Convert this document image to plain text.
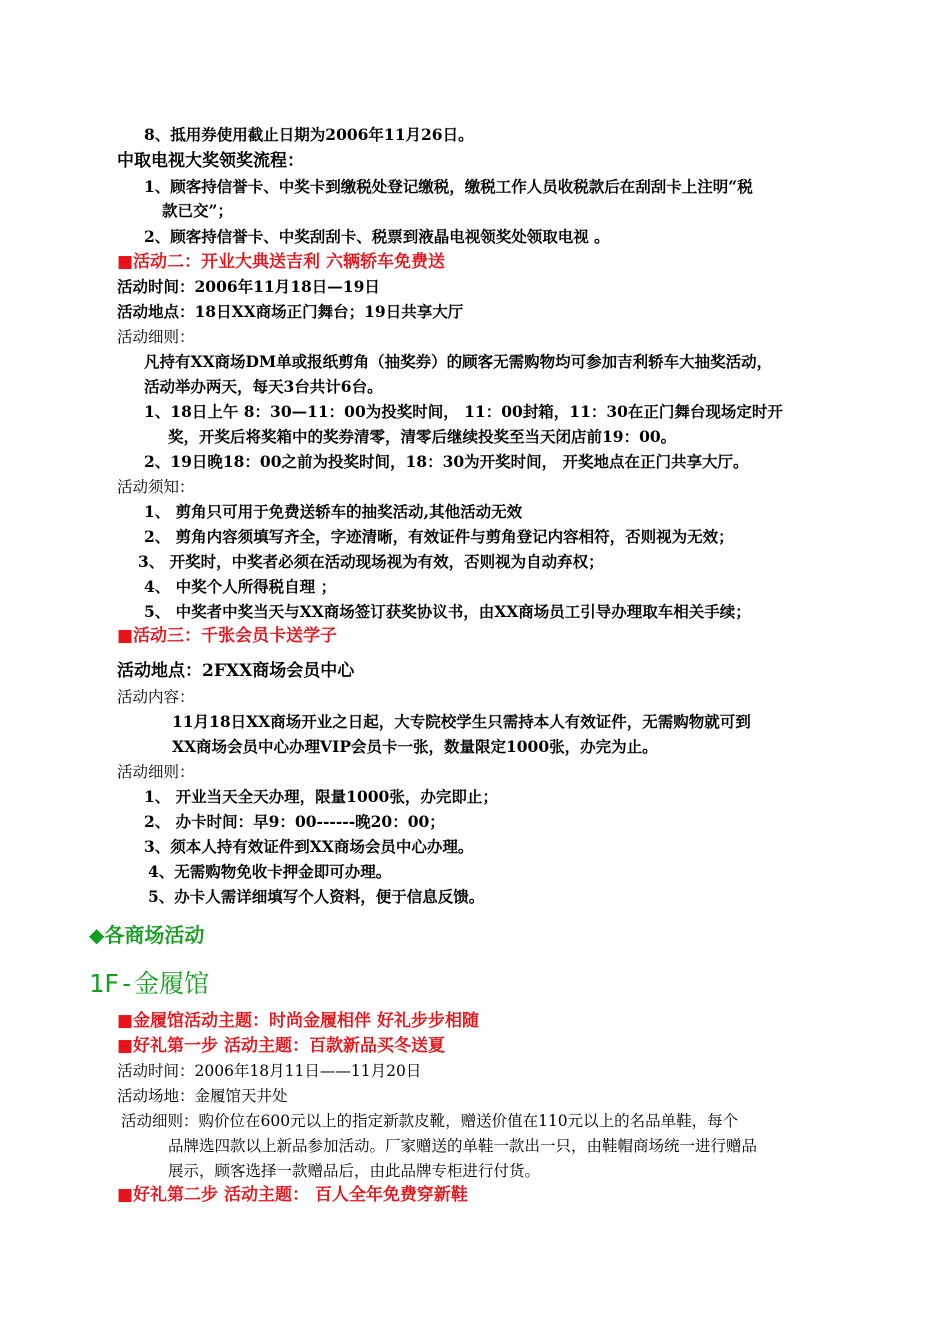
8、抵用券使用截止日期为2006年11月26日。
中取电视大奖领奖流程：
1、顾客持信誉卡、中奖卡到缴税处登记缴税，缴税工作人员收税款后在刮刮卡上注明“税
款已交”；
2、顾客持信誉卡、中奖刮刮卡、税票到液晶电视领奖处领取电视 。
■活动二：开业大典送吉利 六辆轿车免费送
活动时间：2006年11月18日—19日
活动地点：18日XX商场正门舞台；19日共享大厅
活动细则：
凡持有XX商场DM单或报纸剪角（抽奖券）的顾客无需购物均可参加吉利轿车大抽奖活动，
活动举办两天，每天3台共计6台。
1、18日上午 8：30—11：00为投奖时间， 11：00封箱，11：30在正门舞台现场定时开
奖，开奖后将奖箱中的奖券清零，清零后继续投奖至当天闭店前19：00。
2、19日晚18：00之前为投奖时间，18：30为开奖时间， 开奖地点在正门共享大厅。
活动须知：
1、 剪角只可用于免费送轿车的抽奖活动,其他活动无效
2、 剪角内容须填写齐全，字迹清晰，有效证件与剪角登记内容相符，否则视为无效；
3、 开奖时，中奖者必须在活动现场视为有效，否则视为自动弃权；
4、 中奖个人所得税自理 ；
5、 中奖者中奖当天与XX商场签订获奖协议书，由XX商场员工引导办理取车相关手续；
■活动三：千张会员卡送学子
活动地点：2FXX商场会员中心
活动内容：
11月18日XX商场开业之日起，大专院校学生只需持本人有效证件，无需购物就可到
XX商场会员中心办理VIP会员卡一张，数量限定1000张，办完为止。
活动细则：
1、 开业当天全天办理，限量1000张，办完即止；
2、 办卡时间：早9：00------晚20：00；
3、须本人持有效证件到XX商场会员中心办理。
4、无需购物免收卡押金即可办理。
5、办卡人需详细填写个人资料，便于信息反馈。
◆各商场活动
1F-金履馆
■金履馆活动主题：时尚金履相伴 好礼步步相随
■好礼第一步 活动主题：百款新品买冬送夏
活动时间：2006年18月11日——11月20日
活动场地：金履馆天井处
活动细则：购价位在600元以上的指定新款皮靴，赠送价值在110元以上的名品单鞋，每个
品牌选四款以上新品参加活动。厂家赠送的单鞋一款出一只，由鞋帽商场统一进行赠品
展示，顾客选择一款赠品后，由此品牌专柜进行付货。
■好礼第二步 活动主题： 百人全年免费穿新鞋
